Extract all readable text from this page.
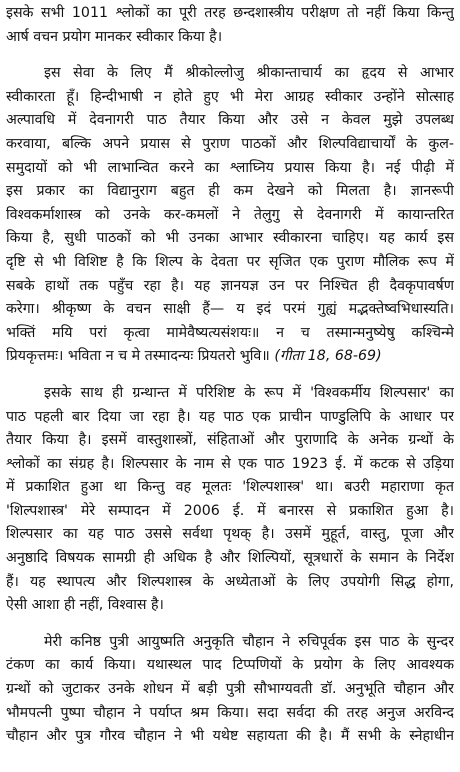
इसके सभी 1011 श्लोकों का पूरी तरह छन्दशास्त्रीय परीक्षण तो नहीं किया किन्तु
आर्ष वचन प्रयोग मानकर स्वीकार किया है।
इस सेवा के लिए मैं श्रीकोल्लोजु श्रीकान्ताचार्य का हृदय से आभार
स्वीकारता हूँ। हिन्दीभाषी न होते हुए भी मेरा आग्रह स्वीकार उन्होंने सोत्साह
अल्पावधि में देवनागरी पाठ तैयार किया और उसे न केवल मुझे उपलब्ध
करवाया, बल्कि अपने प्रयास से पुराण पाठकों और शिल्पविद्याचार्यों के कुल-
समुदायों को भी लाभान्वित करने का श्लाघ्निय प्रयास किया है। नई पीढ़ी में
इस प्रकार का विद्यानुराग बहुत ही कम देखने को मिलता है। ज्ञानरूपी
विश्वकर्माशास्त्र को उनके कर-कमलों ने तेलुगु से देवनागरी में कायान्तरित
किया है, सुधी पाठकों को भी उनका आभार स्वीकारना चाहिए। यह कार्य इस
दृष्टि से भी विशिष्ट है कि शिल्प के देवता पर सृजित एक पुराण मौलिक रूप में
सबके हाथों तक पहुँच रहा है। यह ज्ञानयज्ञ उन पर निश्चित ही दैवकृपावर्षण
करेगा। श्रीकृष्ण के वचन साक्षी हैं— य इदं परमं गुह्यं मद्भक्तेष्वभिधास्यति।
भक्तिं मयि परां कृत्वा मामेवैष्यत्यसंशयः॥ न च तस्मान्मनुष्येषु कश्चिन्मे
प्रियकृत्तमः। भविता न च मे तस्मादन्यः प्रियतरो भुवि॥ (गीता 18, 68-69)
इसके साथ ही ग्रन्थान्त में परिशिष्ट के रूप में 'विश्वकर्मीय शिल्पसार' का
पाठ पहली बार दिया जा रहा है। यह पाठ एक प्राचीन पाण्डुलिपि के आधार पर
तैयार किया है। इसमें वास्तुशास्त्रों, संहिताओं और पुराणादि के अनेक ग्रन्थों के
श्लोकों का संग्रह है। शिल्पसार के नाम से एक पाठ 1923 ई. में कटक से उड़िया
में प्रकाशित हुआ था किन्तु वह मूलतः 'शिल्पशास्त्र' था। बउरी महाराणा कृत
'शिल्पशास्त्र' मेरे सम्पादन में 2006 ई. में बनारस से प्रकाशित हुआ है।
शिल्पसार का यह पाठ उससे सर्वथा पृथक् है। उसमें मुहूर्त, वास्तु, पूजा और
अनुष्ठादि विषयक सामग्री ही अधिक है और शिल्पियों, सूत्रधारों के समान के निर्देश
हैं। यह स्थापत्य और शिल्पशास्त्र के अध्येताओं के लिए उपयोगी सिद्ध होगा,
ऐसी आशा ही नहीं, विश्वास है।
मेरी कनिष्ठ पुत्री आयुष्मति अनुकृति चौहान ने रुचिपूर्वक इस पाठ के सुन्दर
टंकण का कार्य किया। यथास्थल पाद टिप्पणियों के प्रयोग के लिए आवश्यक
ग्रन्थों को जुटाकर उनके शोधन में बड़ी पुत्री सौभाग्यवती डॉ. अनुभूति चौहान और
भौमपत्नी पुष्पा चौहान ने पर्याप्त श्रम किया। सदा सर्वदा की तरह अनुज अरविन्द
चौहान और पुत्र गौरव चौहान ने भी यथेष्ट सहायता की है। मैं सभी के स्नेहाधीन
